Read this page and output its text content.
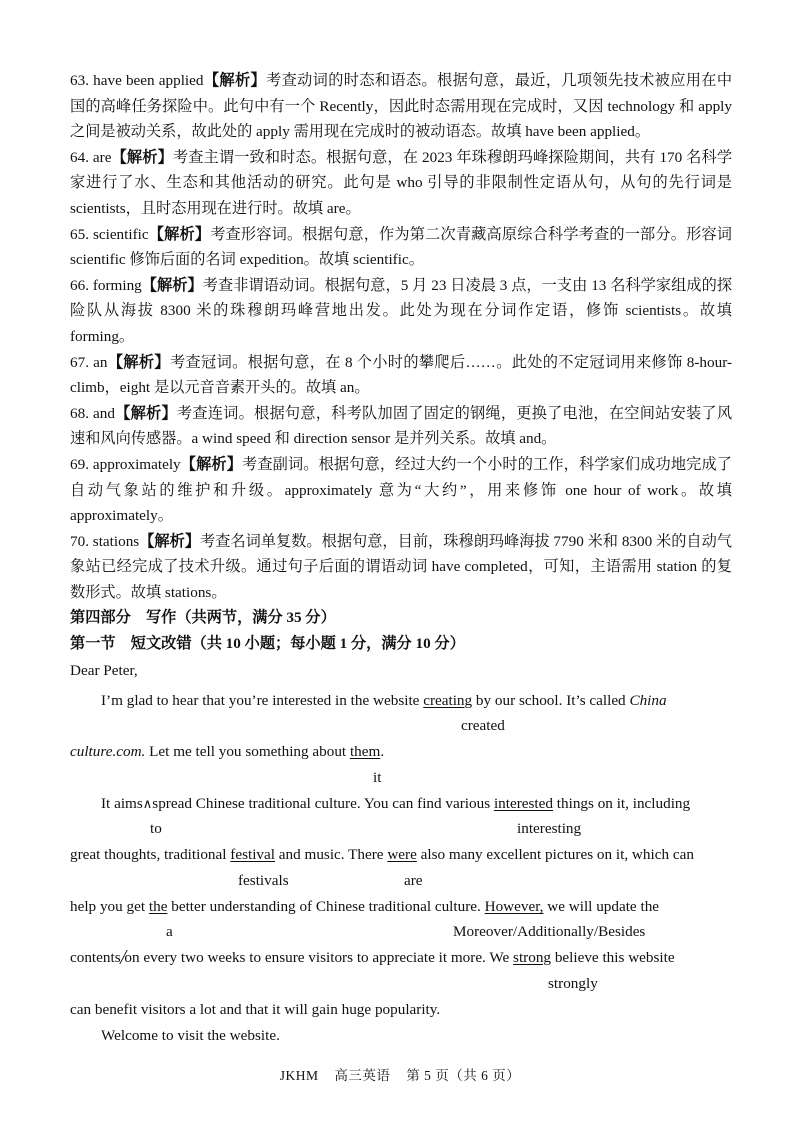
63. have been applied【解析】考查动词的时态和语态。根据句意，最近，几项领先技术被应用在中国的高峰任务探险中。此句中有一个 Recently，因此时态需用现在完成时，又因 technology 和 apply 之间是被动关系，故此处的 apply 需用现在完成时的被动语态。故填 have been applied。

64. are【解析】考查主谓一致和时态。根据句意，在 2023 年珠穆朗玛峰探险期间，共有 170 名科学家进行了水、生态和其他活动的研究。此句是 who 引导的非限制性定语从句，从句的先行词是 scientists，且时态用现在进行时。故填 are。

65. scientific【解析】考查形容词。根据句意，作为第二次青藏高原综合科学考查的一部分。形容词 scientific 修饰后面的名词 expedition。故填 scientific。

66. forming【解析】考查非谓语动词。根据句意，5 月 23 日凌晨 3 点，一支由 13 名科学家组成的探险队从海拔 8300 米的珠穆朗玛峰营地出发。此处为现在分词作定语，修饰 scientists。故填 forming。

67. an【解析】考查冠词。根据句意，在 8 个小时的攀爬后……。此处的不定冠词用来修饰 8-hour-climb，eight 是以元音音素开头的。故填 an。

68. and【解析】考查连词。根据句意，科考队加固了固定的钢绳，更换了电池，在空间站安装了风速和风向传感器。a wind speed 和 direction sensor 是并列关系。故填 and。

69. approximately【解析】考查副词。根据句意，经过大约一个小时的工作，科学家们成功地完成了自动气象站的维护和升级。approximately 意为“大约”，用来修饰 one hour of work。故填 approximately。

70. stations【解析】考查名词单复数。根据句意，目前，珠穆朗玛峰海拔 7790 米和 8300 米的自动气象站已经完成了技术升级。通过句子后面的谓语动词 have completed，可知，主语需用 station 的复数形式。故填 stations。

第四部分　写作（共两节，满分 35 分）

第一节　短文改错（共 10 小题；每小题 1 分，满分 10 分）

Dear Peter,

I’m glad to hear that you’re interested in the website creating by our school. It’s called China
created
culture.com. Let me tell you something about them.
it
It aims∧spread Chinese traditional culture. You can find various interested things on it, including
to	interesting
great thoughts, traditional festival and music. There were also many excellent pictures on it, which can
festivals	are
help you get the better understanding of Chinese traditional culture. However, we will update the
a	Moreover/Additionally/Besides
contents on every two weeks to ensure visitors to appreciate it more. We strong believe this website
strongly
can benefit visitors a lot and that it will gain huge popularity.
Welcome to visit the website.
JKHM 高三英语 第 5 页（共 6 页）
